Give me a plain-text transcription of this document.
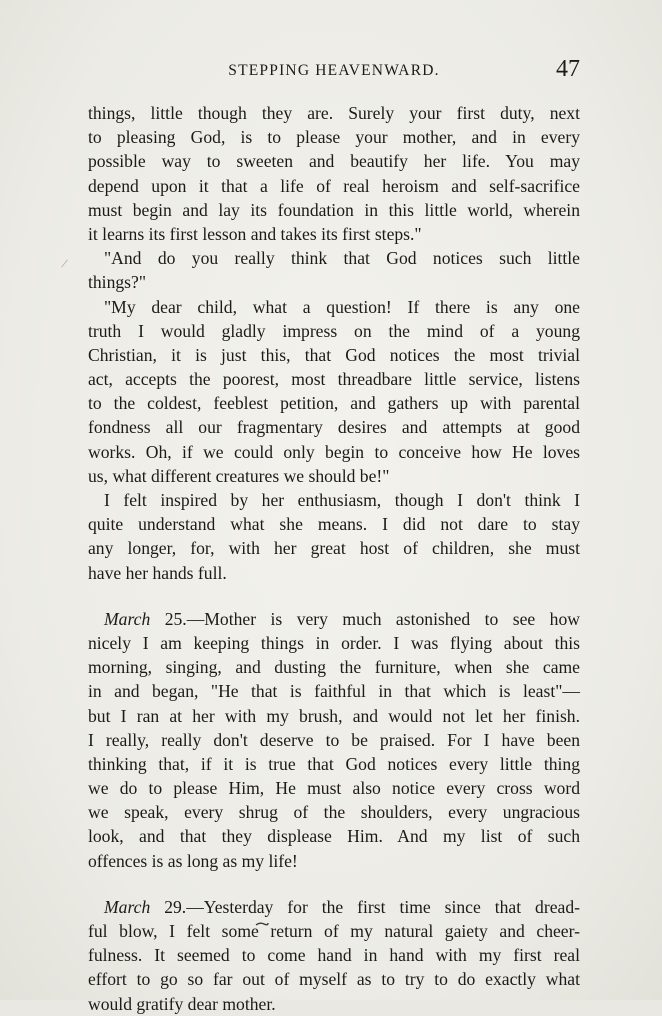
STEPPING HEAVENWARD.	47
/
things, little though they are. Surely your first duty, next
to pleasing God, is to please your mother, and in every
possible way to sweeten and beautify her life. You may
depend upon it that a life of real heroism and self-sacrifice
must begin and lay its foundation in this little world, wherein
it learns its first lesson and takes its first steps."
"And do you really think that God notices such little
things?"
"My dear child, what a question! If there is any one
truth I would gladly impress on the mind of a young
Christian, it is just this, that God notices the most trivial
act, accepts the poorest, most threadbare little service, listens
to the coldest, feeblest petition, and gathers up with parental
fondness all our fragmentary desires and attempts at good
works. Oh, if we could only begin to conceive how He loves
us, what different creatures we should be!"
I felt inspired by her enthusiasm, though I don't think I
quite understand what she means. I did not dare to stay
any longer, for, with her great host of children, she must
have her hands full.
March 25.—Mother is very much astonished to see how
nicely I am keeping things in order. I was flying about this
morning, singing, and dusting the furniture, when she came
in and began, "He that is faithful in that which is least"—
but I ran at her with my brush, and would not let her finish.
I really, really don't deserve to be praised. For I have been
thinking that, if it is true that God notices every little thing
we do to please Him, He must also notice every cross word
we speak, every shrug of the shoulders, every ungracious
look, and that they displease Him. And my list of such
offences is as long as my life!
March 29.—Yesterday for the first time since that dread-
ful blow, I felt some return of my natural gaiety and cheer-
fulness. It seemed to come hand in hand with my first real
effort to go so far out of myself as to try to do exactly what
would gratify dear mother.
